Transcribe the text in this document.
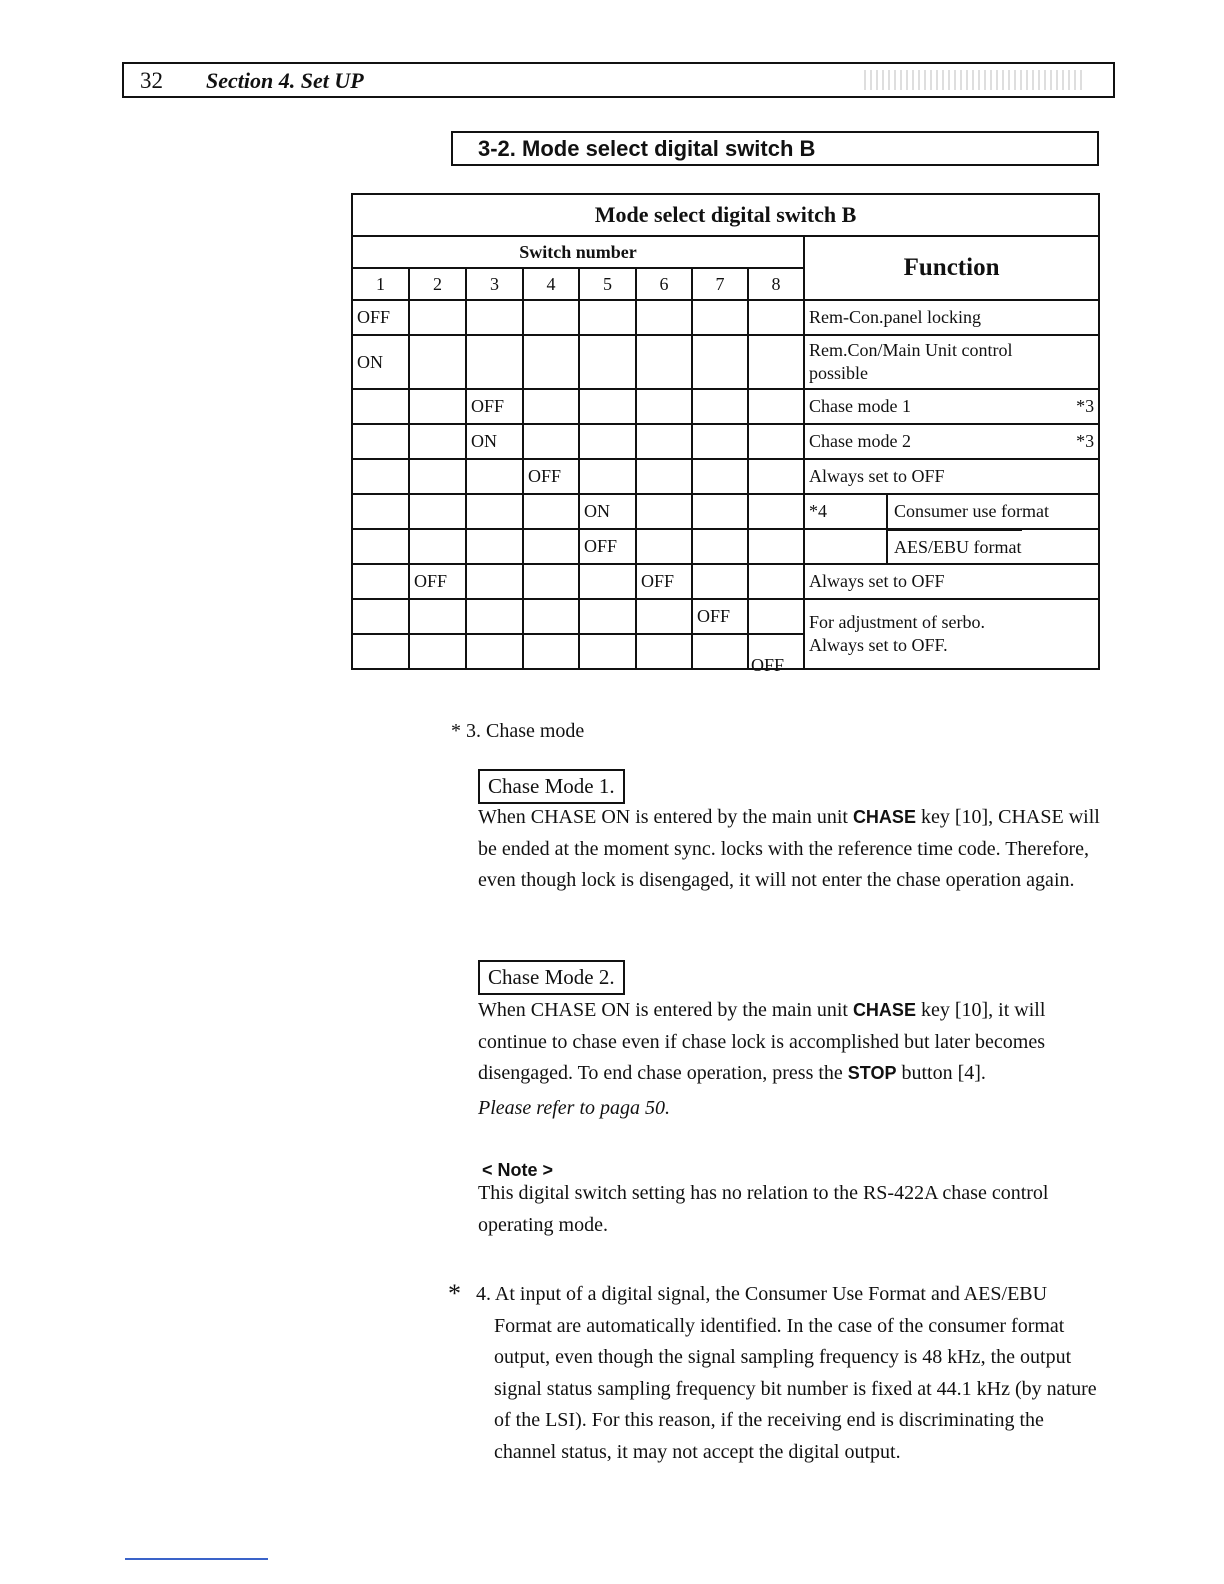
32 Section 4. Set UP
3-2. Mode select digital switch B
Mode select digital switch B								
Switch number								Function
1	2	3	4	5	6	7	8	
OFF								Rem-Con.panel locking
ON								Rem.Con/Main Unit control
possible

		OFF						Chase mode 1 *3

		ON						Chase mode 2 *3

			OFF					Always set to OFF
				ON				*4 Consumer use format

				OFF				AES/EBU format

	OFF				OFF			Always set to OFF
						OFF		For adjustment of serbo.
Always set to OFF.

							OFF	
* 3. Chase mode
Chase Mode 1.
When CHASE ON is entered by the main unit CHASE key [10], CHASE will be ended at the moment sync. locks with the reference time code. Therefore, even though lock is disengaged, it will not enter the chase operation again.
Chase Mode 2.
When CHASE ON is entered by the main unit CHASE key [10], it will continue to chase even if chase lock is accomplished but later becomes disengaged. To end chase operation, press the STOP button [4].
Please refer to paga 50.
< Note >
This digital switch setting has no relation to the RS-422A chase control operating mode.
* 4. At input of a digital signal, the Consumer Use Format and AES/EBU Format are automatically identified. In the case of the consumer format output, even though the signal sampling frequency is 48 kHz, the output signal status sampling frequency bit number is fixed at 44.1 kHz (by nature of the LSI). For this reason, if the receiving end is discriminating the channel status, it may not accept the digital output.
